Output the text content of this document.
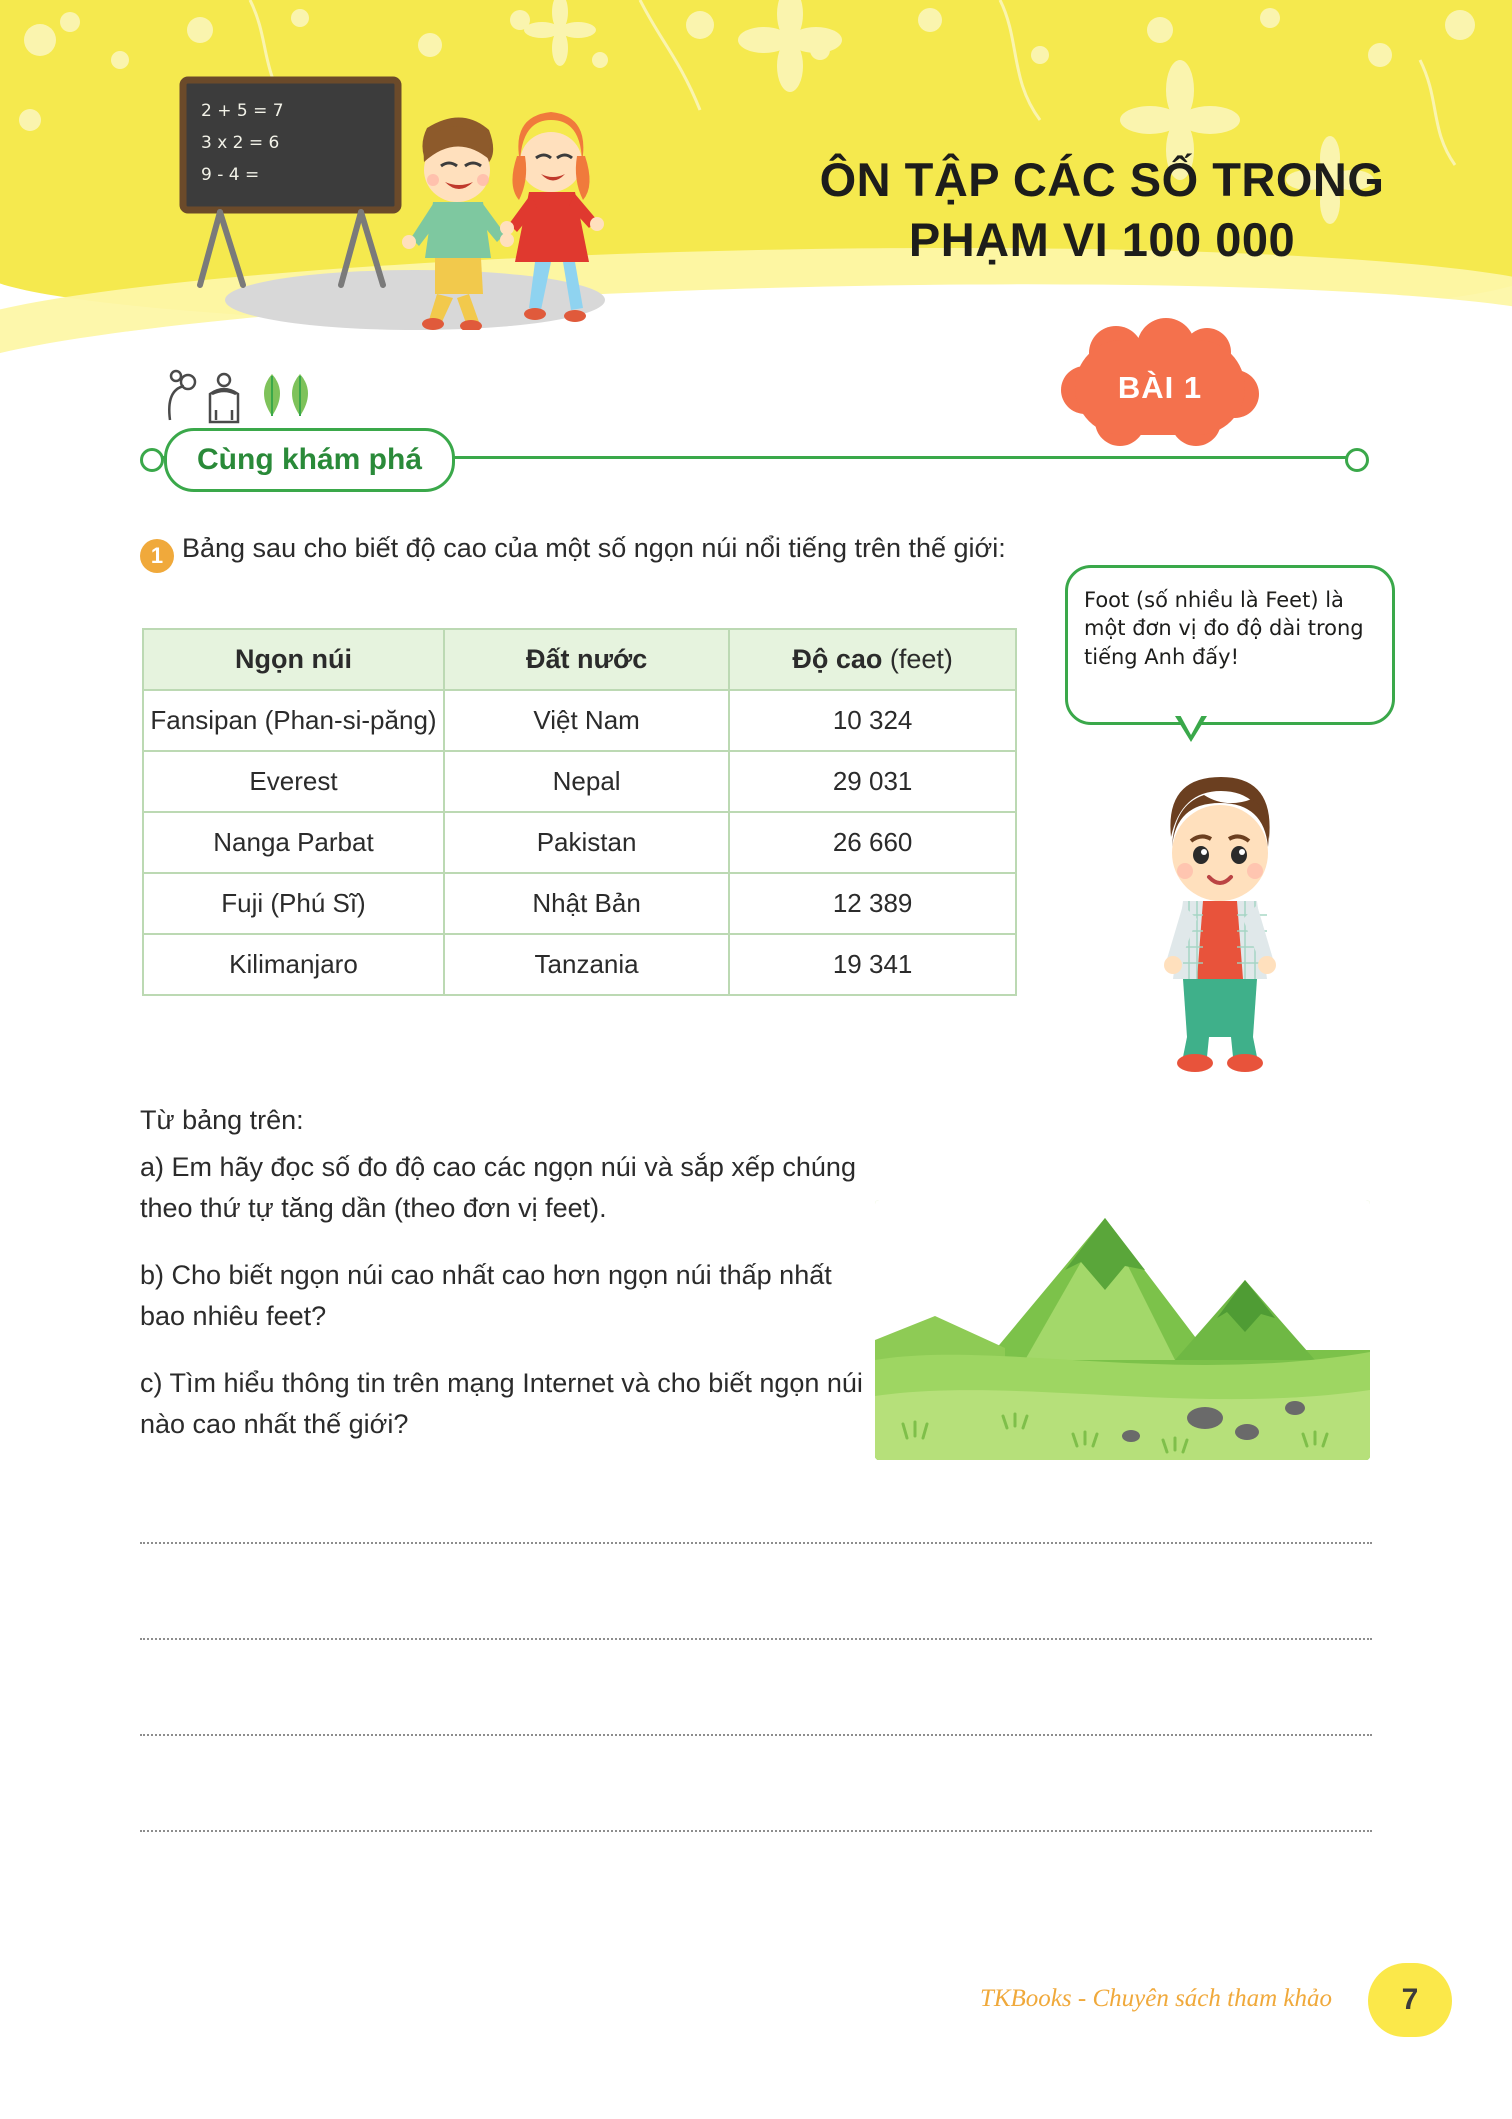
2 + 5 = 7
3 x 2 = 6
9 - 4 =	ÔN TẬP CÁC SỐ TRONG
PHẠM VI 100 000
BÀI 1
Cùng khám phá
1 Bảng sau cho biết độ cao của một số ngọn núi nổi tiếng trên thế giới:
Ngọn núi	Đất nước	Độ cao (feet)
Fansipan (Phan-si-păng)	Việt Nam	10 324
Everest	Nepal	29 031
Nanga Parbat	Pakistan	26 660
Fuji (Phú Sĩ)	Nhật Bản	12 389
Kilimanjaro	Tanzania	19 341
Foot (số nhiều là Feet) là một đơn vị đo độ dài trong tiếng Anh đấy!

Từ bảng trên:

a) Em hãy đọc số đo độ cao các ngọn núi và sắp xếp chúng theo thứ tự tăng dần (theo đơn vị feet).

b) Cho biết ngọn núi cao nhất cao hơn ngọn núi thấp nhất bao nhiêu feet?

c) Tìm hiểu thông tin trên mạng Internet và cho biết ngọn núi nào cao nhất thế giới?

TKBooks - Chuyên sách tham khảo	7
